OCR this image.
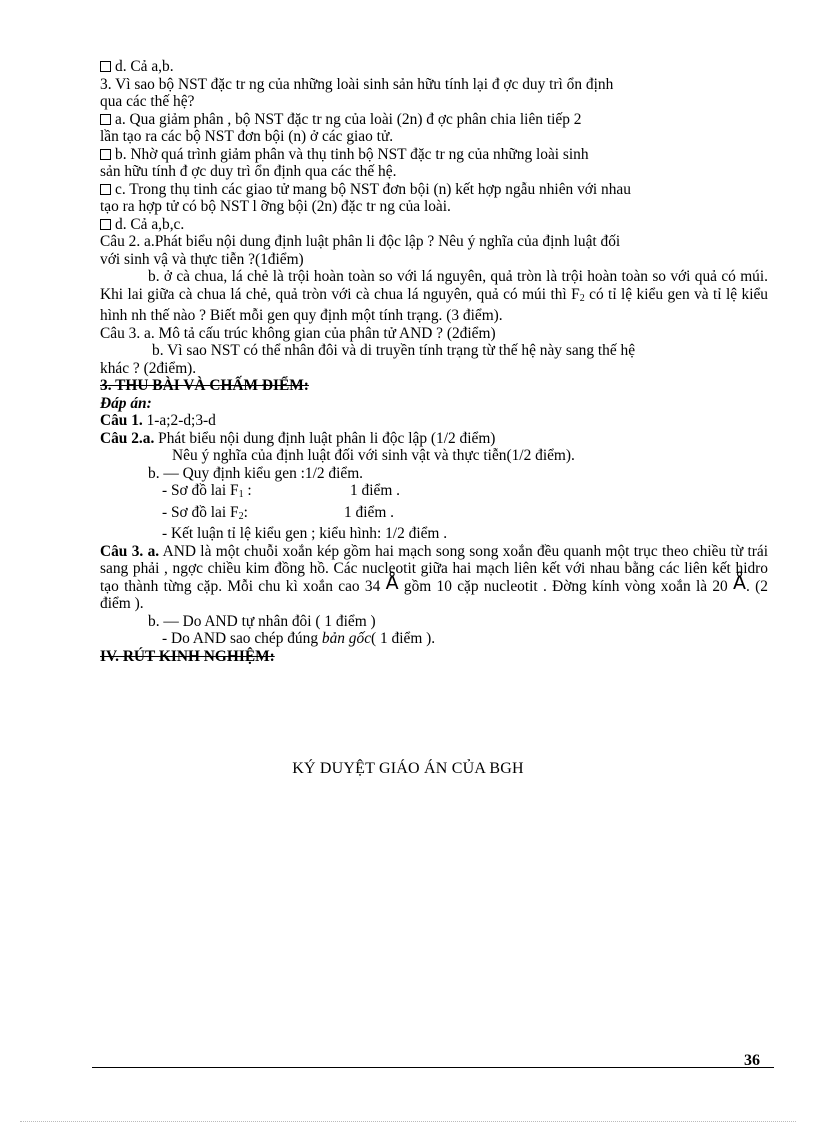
d. Cả a,b.
3. Vì sao bộ NST đặc tr ng của những loài sinh sản hữu tính lại đ ợc duy trì ổn định
qua các thế hệ?
a. Qua giảm phân , bộ NST đặc tr ng của loài (2n) đ ợc phân chia liên tiếp 2
lần tạo ra các bộ NST đơn bội (n) ở các giao tử.
b. Nhờ quá trình giảm phân và thụ tinh bộ NST đặc tr ng của những loài sinh
sản hữu tính đ ợc duy trì ổn định qua các thế hệ.
c. Trong thụ tinh các giao tử mang bộ NST đơn bội (n) kết hợp ngẫu nhiên với nhau
tạo ra hợp tử có bộ NST l ỡng bội (2n) đặc tr ng của loài.
d. Cả a,b,c.
Câu 2. a.Phát biểu nội dung định luật phân li độc lập ? Nêu ý nghĩa của định luật đối
với sinh vậ và thực tiễn ?(1điểm)
b. ở cà chua, lá chẻ là trội hoàn toàn so với lá nguyên, quả tròn là trội hoàn toàn so với quả có múi. Khi lai giữa cà chua lá chẻ, quả tròn với cà chua lá nguyên, quả có múi thì $F_2$ có tỉ lệ kiểu gen và tỉ lệ kiểu hình nh thế nào ? Biết mỗi gen quy định một tính trạng. (3 điểm).
Câu 3. a. Mô tả cấu trúc không gian của phân tử AND ? (2điểm)
b. Vì sao NST có thể nhân đôi và di truyền tính trạng từ thế hệ này sang thế hệ
khác ? (2điểm).
3. THU BÀI VÀ CHẤM ĐIỂM:
Đáp án:
Câu 1. 1-a;2-d;3-d
Câu 2.a. Phát biểu nội dung định luật phân li độc lập (1/2 điểm)
Nêu ý nghĩa của định luật đối với sinh vật và thực tiễn(1/2 điểm).
b. — Quy định kiểu gen :1/2 điểm.
- Sơ đồ lai $F_1$ :	1 điểm .
- Sơ đồ lai $F_2$:	1 điểm .
- Kết luận tỉ lệ kiểu gen ; kiểu hình: 1/2 điểm .
Câu 3. a. AND là một chuỗi xoắn kép gồm hai mạch song song xoắn đều quanh một trục theo chiều từ trái sang phải , ngợc chiều kim đồng hồ. Các nucleotit giữa hai mạch liên kết với nhau bằng các liên kết hidro tạo thành từng cặp. Mỗi chu kì xoắn cao 34 Å gồm 10 cặp nucleotit . Đờng kính vòng xoắn là 20 Å. (2 điểm ).
b. — Do AND tự nhân đôi ( 1 điểm )
- Do AND sao chép đúng bản gốc( 1 điểm ).
IV. RÚT KINH NGHIỆM:
KÝ DUYỆT GIÁO ÁN CỦA BGH
36
